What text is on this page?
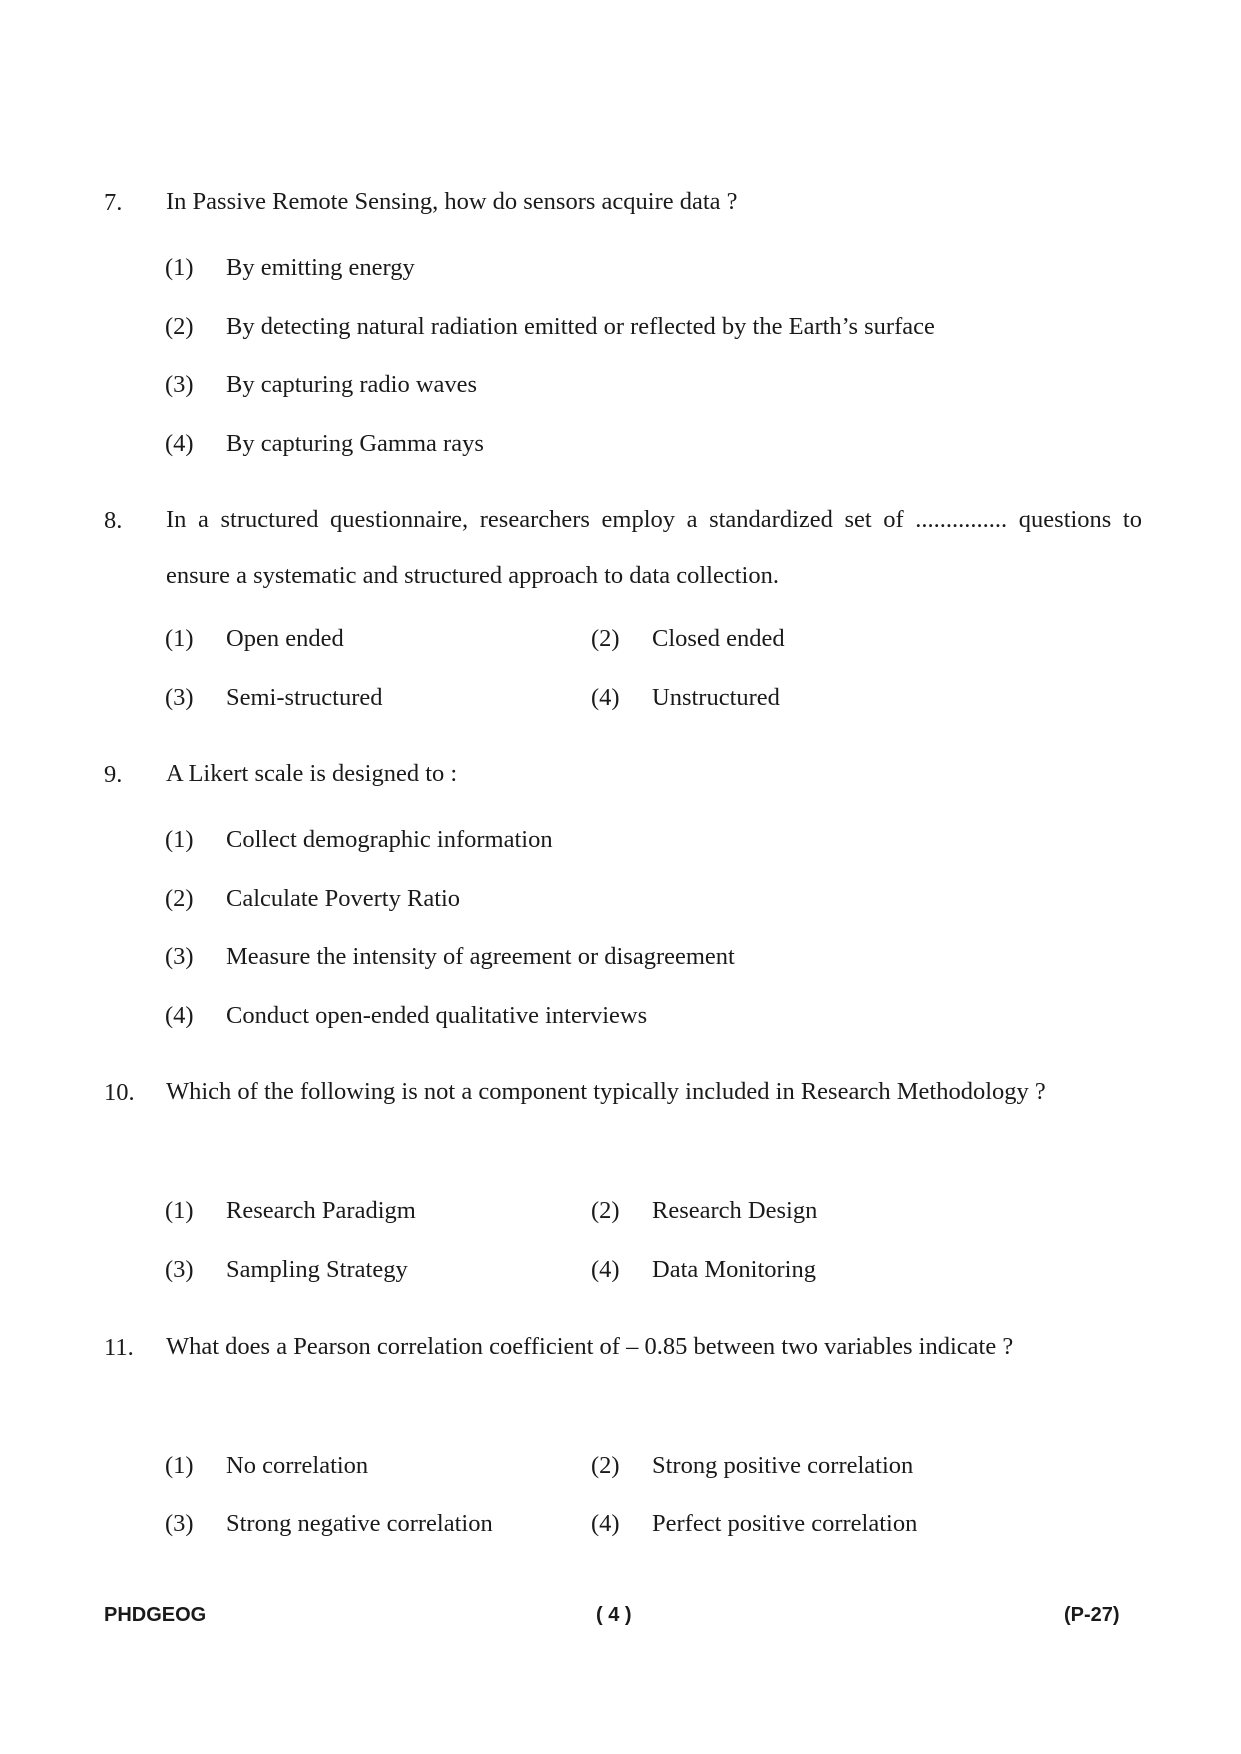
7. In Passive Remote Sensing, how do sensors acquire data ?
(1) By emitting energy
(2) By detecting natural radiation emitted or reflected by the Earth’s surface
(3) By capturing radio waves
(4) By capturing Gamma rays
8. In a structured questionnaire, researchers employ a standardized set of ............... questions to ensure a systematic and structured approach to data collection.
(1) Open ended	(2) Closed ended
(3) Semi-structured	(4) Unstructured
9. A Likert scale is designed to :
(1) Collect demographic information
(2) Calculate Poverty Ratio
(3) Measure the intensity of agreement or disagreement
(4) Conduct open-ended qualitative interviews
10. Which of the following is not a component typically included in Research Methodology ?
(1) Research Paradigm	(2) Research Design
(3) Sampling Strategy	(4) Data Monitoring
11. What does a Pearson correlation coefficient of – 0.85 between two variables indicate ?
(1) No correlation	(2) Strong positive correlation
(3) Strong negative correlation	(4) Perfect positive correlation
PHDGEOG	( 4 )	(P-27)
